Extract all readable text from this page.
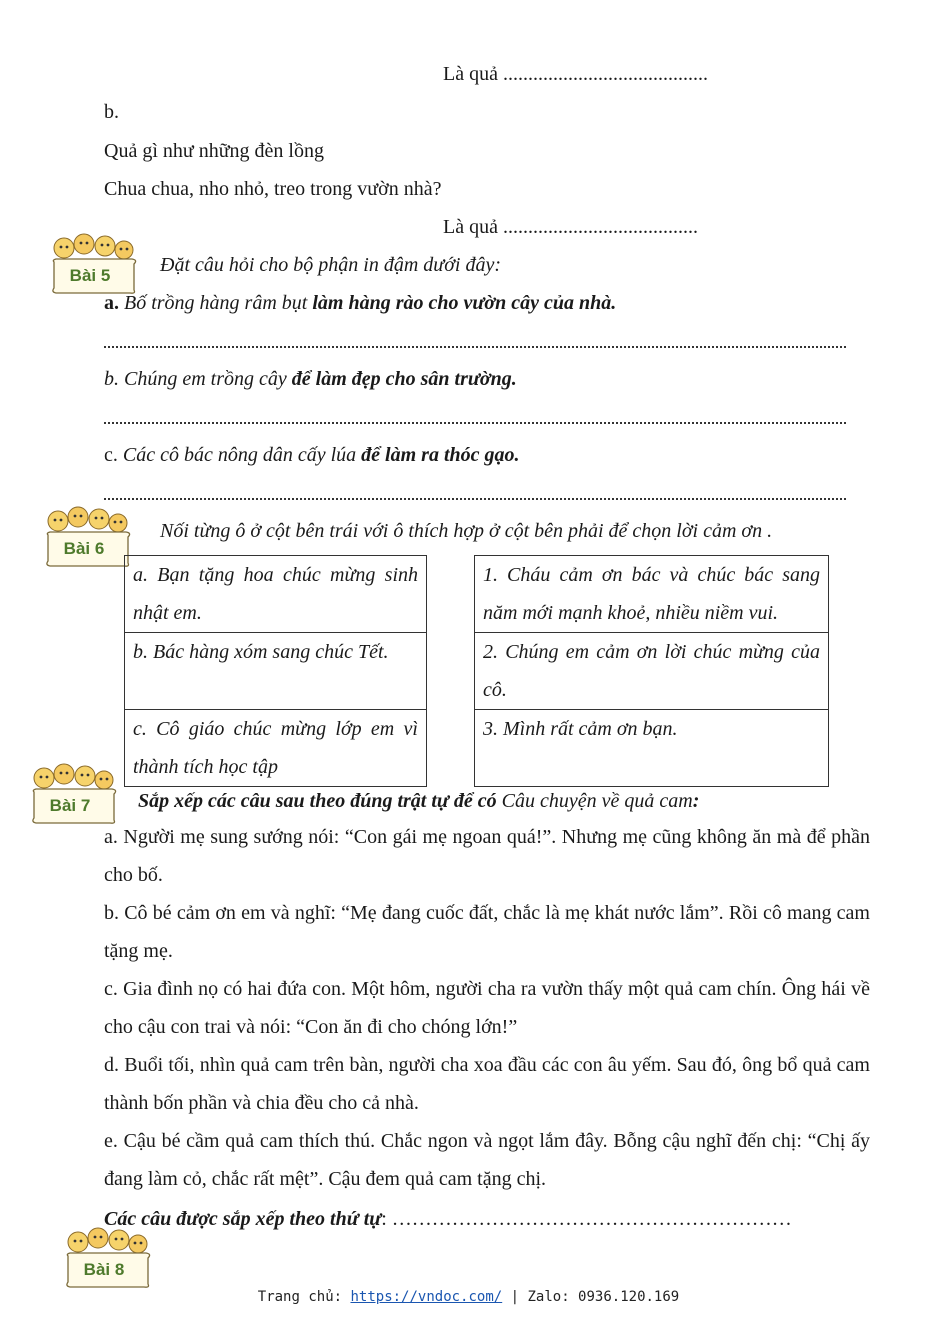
Là quả .........................................
b.
Quả gì như những đèn lồng
Chua chua, nho nhỏ, treo trong vườn nhà?
Là quả .......................................
Bài 5	Đặt câu hỏi cho bộ phận in đậm dưới đây:
a. Bố trồng hàng râm bụt làm hàng rào cho vườn cây của nhà.
b. Chúng em trồng cây để làm đẹp cho sân trường.
c. Các cô bác nông dân cấy lúa để làm ra thóc gạo.
Bài 6
Nối từng ô ở cột bên trái với ô thích hợp ở cột bên phải để chọn lời cảm ơn .
a. Bạn tặng hoa chúc mừng sinh nhật em.
b. Bác hàng xóm sang chúc Tết.
c. Cô giáo chúc mừng lớp em vì thành tích học tập
1. Cháu cảm ơn bác và chúc bác sang năm mới mạnh khoẻ, nhiều niềm vui.
2. Chúng em cảm ơn lời chúc mừng của cô.
3. Mình rất cảm ơn bạn.
Bài 7	Sắp xếp các câu sau theo đúng trật tự để có Câu chuyện về quả cam:
a. Người mẹ sung sướng nói: “Con gái mẹ ngoan quá!”. Nhưng mẹ cũng không ăn mà để phần cho bố.
b. Cô bé cảm ơn em và nghĩ: “Mẹ đang cuốc đất, chắc là mẹ khát nước lắm”. Rồi cô mang cam tặng mẹ.
c. Gia đình nọ có hai đứa con. Một hôm, người cha ra vườn thấy một quả cam chín. Ông hái về cho cậu con trai và nói: “Con ăn đi cho chóng lớn!”
d. Buổi tối, nhìn quả cam trên bàn, người cha xoa đầu các con âu yếm. Sau đó, ông bổ quả cam thành bốn phần và chia đều cho cả nhà.
e. Cậu bé cầm quả cam thích thú. Chắc ngon và ngọt lắm đây. Bỗng cậu nghĩ đến chị: “Chị ấy đang làm cỏ, chắc rất mệt”. Cậu đem quả cam tặng chị.
Các câu được sắp xếp theo thứ tự: ……………………………………………………
Bài 8
Trang chủ: https://vndoc.com/ | Zalo: 0936.120.169
